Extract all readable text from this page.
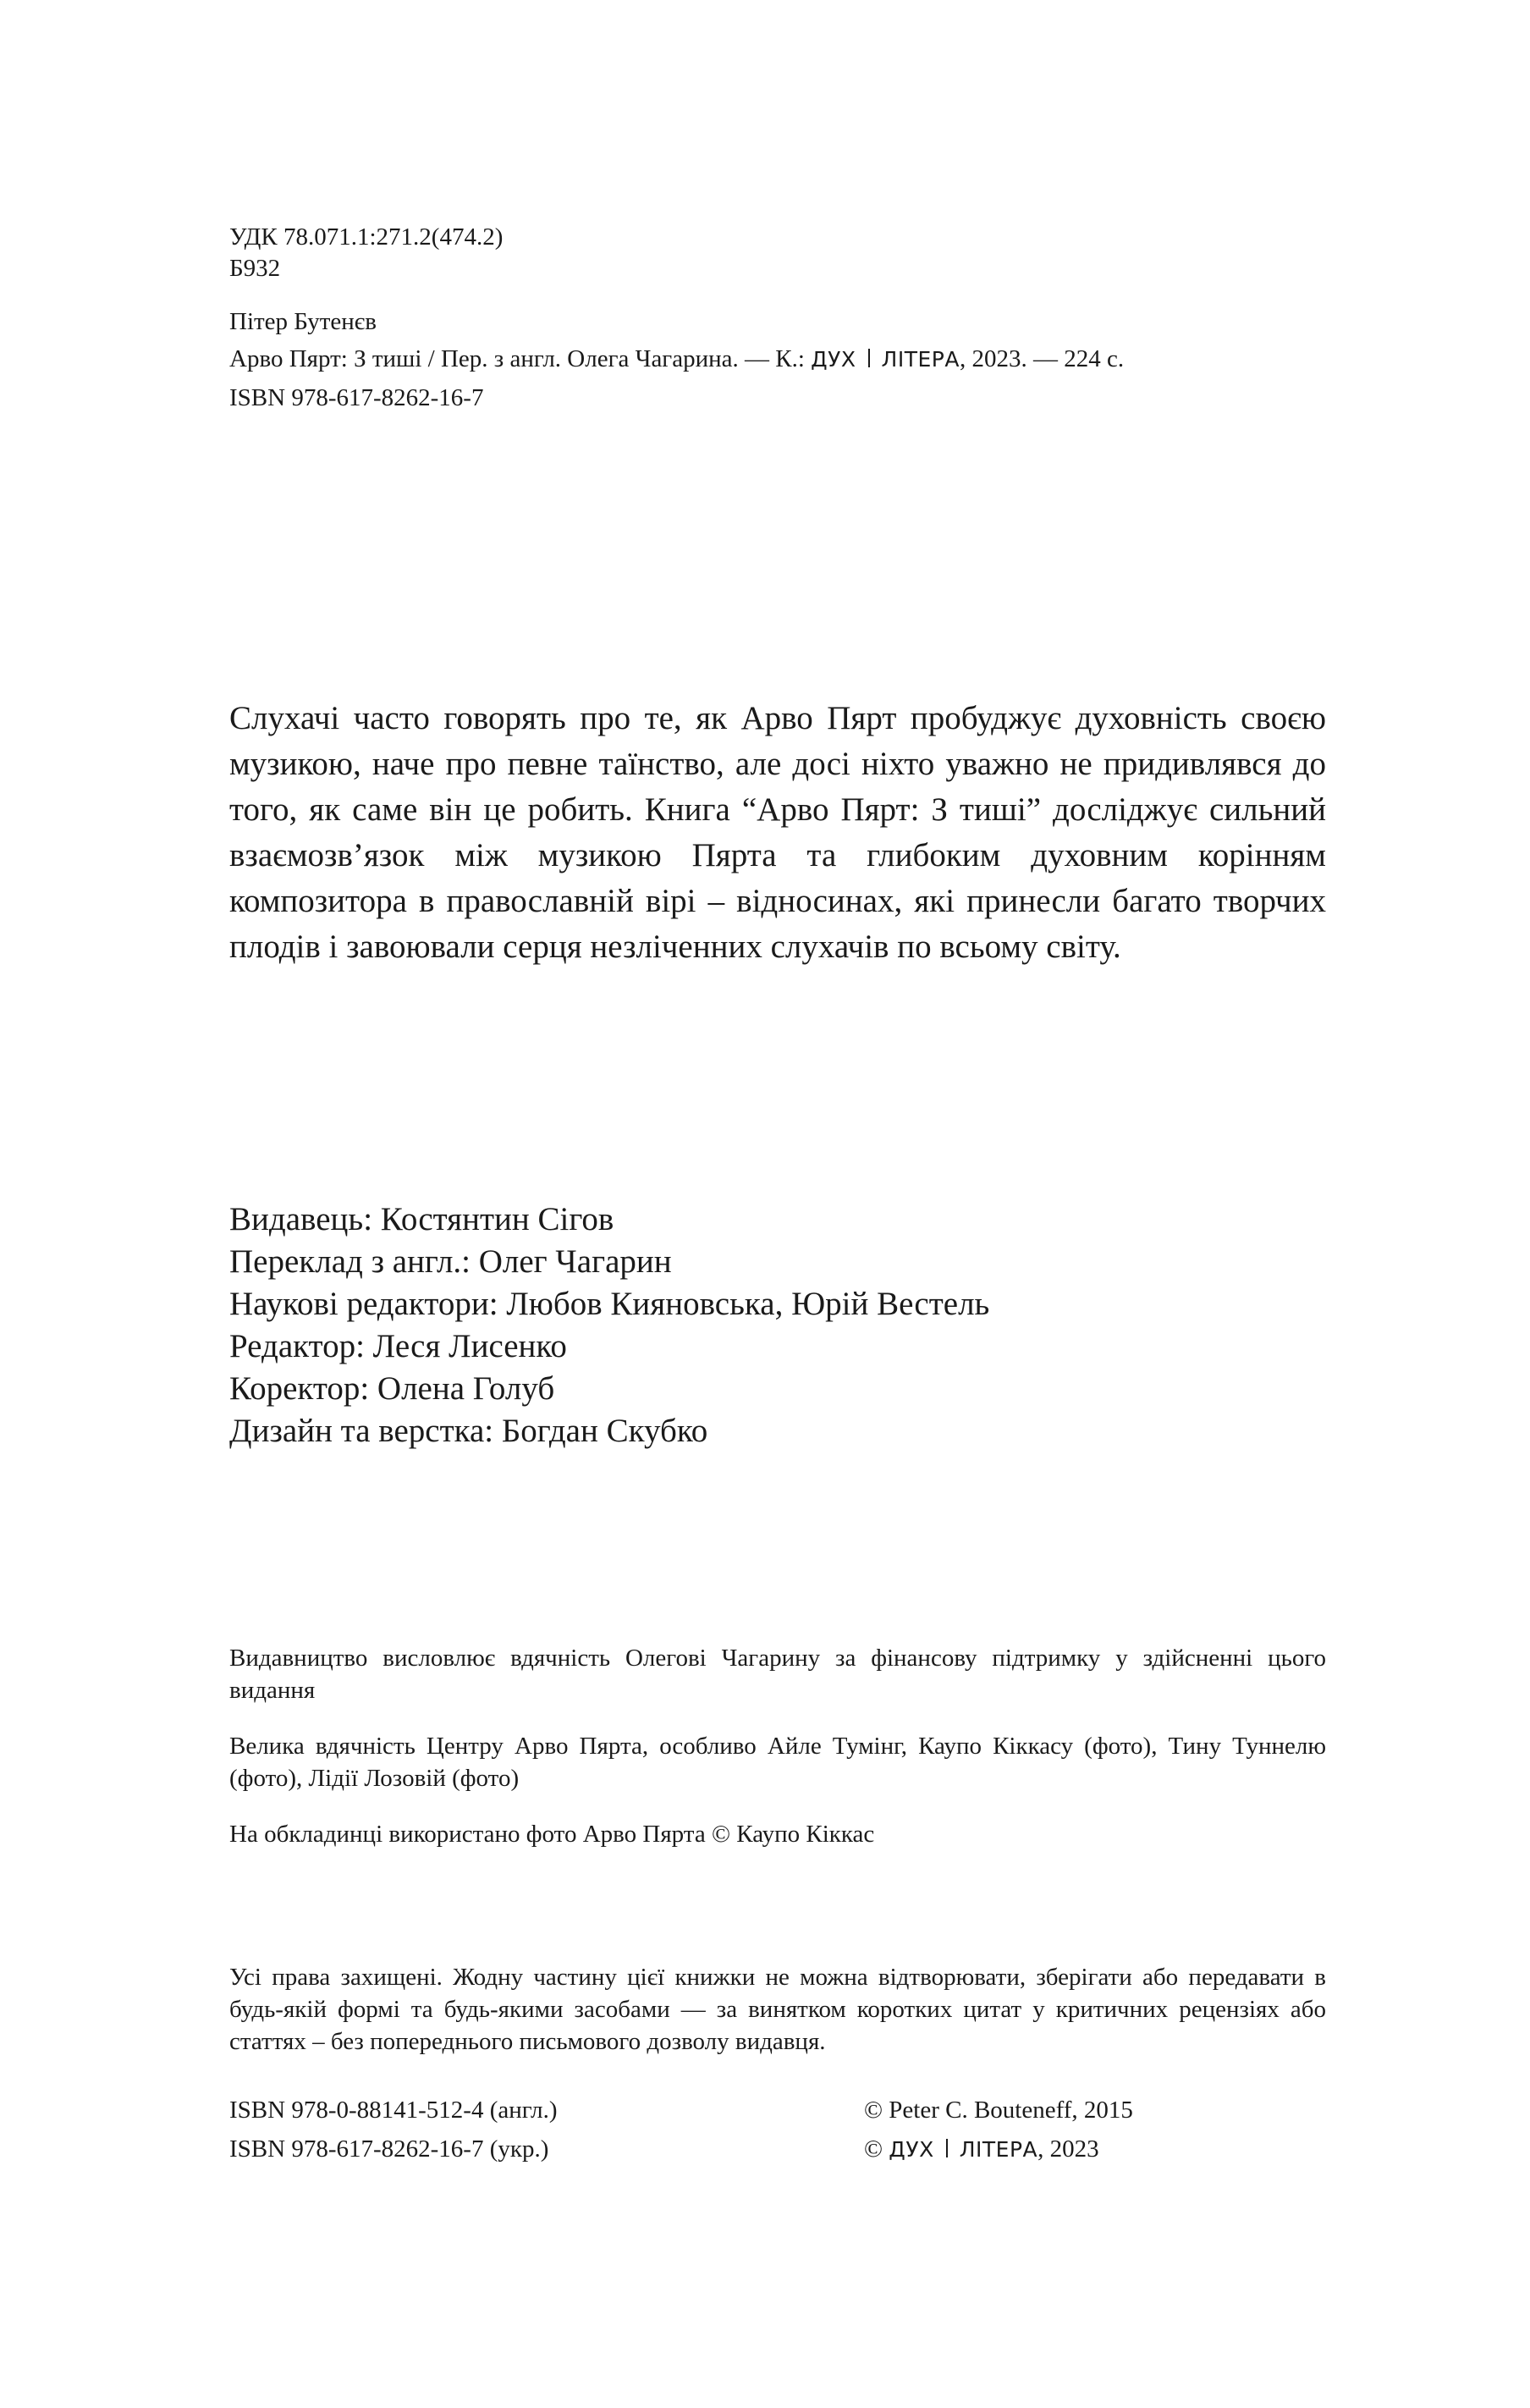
УДК 78.071.1:271.2(474.2)
Б932
Пітер Бутенєв
Арво Пярт: З тиші / Пер. з англ. Олега Чагарина. — К.: ДУХ ЛІТЕРА, 2023. — 224 с.
ISBN 978-617-8262-16-7
Слухачі часто говорять про те, як Арво Пярт пробуджує духовність своєю музикою, наче про певне таїнство, але досі ніхто уважно не придивлявся до того, як саме він це робить. Книга “Арво Пярт: З тиші” досліджує сильний взаємозв’язок між музикою Пярта та глибоким духовним корінням композитора в православній вірі – відносинах, які принесли багато творчих плодів і завоювали серця незліченних слухачів по всьому світу.
Видавець: Костянтин Сігов
Переклад з англ.: Олег Чагарин
Наукові редактори: Любов Кияновська, Юрій Вестель
Редактор: Леся Лисенко
Коректор: Олена Голуб
Дизайн та верстка: Богдан Скубко

Видавництво висловлює вдячність Олегові Чагарину за фінансову підтримку у здійсненні цього видання

Велика вдячність Центру Арво Пярта, особливо Айле Тумінг, Каупо Кіккасу (фото), Тину Туннелю (фото), Лідії Лозовій (фото)

На обкладинці використано фото Арво Пярта © Каупо Кіккас

Усі права захищені. Жодну частину цієї книжки не можна відтворювати, зберігати або передавати в будь-якій формі та будь-якими засобами — за винятком коротких цитат у критичних рецензіях або статтях – без попереднього письмового дозволу видавця.
ISBN 978-0-88141-512-4 (англ.)
ISBN 978-617-8262-16-7 (укр.)
© Peter C. Bouteneff, 2015
© ДУХ ЛІТЕРА, 2023
